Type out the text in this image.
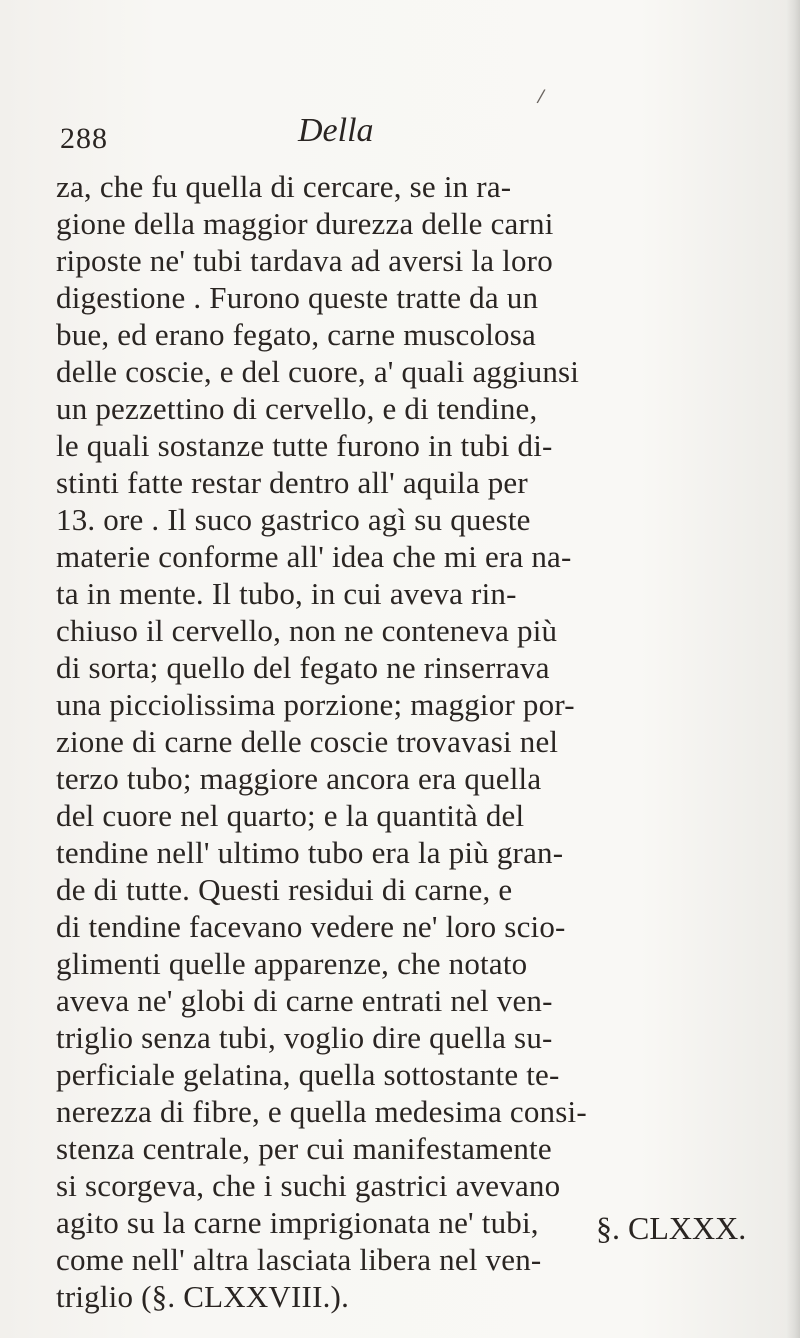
/
288	Della
za, che fu quella di cercare, se in ra-
gione della maggior durezza delle carni
riposte ne' tubi tardava ad aversi la loro
digestione . Furono queste tratte da un
bue, ed erano fegato, carne muscolosa
delle coscie, e del cuore, a' quali aggiunsi
un pezzettino di cervello, e di tendine,
le quali sostanze tutte furono in tubi di-
stinti fatte restar dentro all' aquila per
13. ore . Il suco gastrico agì su queste
materie conforme all' idea che mi era na-
ta in mente. Il tubo, in cui aveva rin-
chiuso il cervello, non ne conteneva più
di sorta; quello del fegato ne rinserrava
una picciolissima porzione; maggior por-
zione di carne delle coscie trovavasi nel
terzo tubo; maggiore ancora era quella
del cuore nel quarto; e la quantità del
tendine nell' ultimo tubo era la più gran-
de di tutte. Questi residui di carne, e
di tendine facevano vedere ne' loro scio-
glimenti quelle apparenze, che notato
aveva ne' globi di carne entrati nel ven-
triglio senza tubi, voglio dire quella su-
perficiale gelatina, quella sottostante te-
nerezza di fibre, e quella medesima consi-
stenza centrale, per cui manifestamente
si scorgeva, che i suchi gastrici avevano
agito su la carne imprigionata ne' tubi,
come nell' altra lasciata libera nel ven-
triglio (§. CLXXVIII.).
§. CLXXX.
